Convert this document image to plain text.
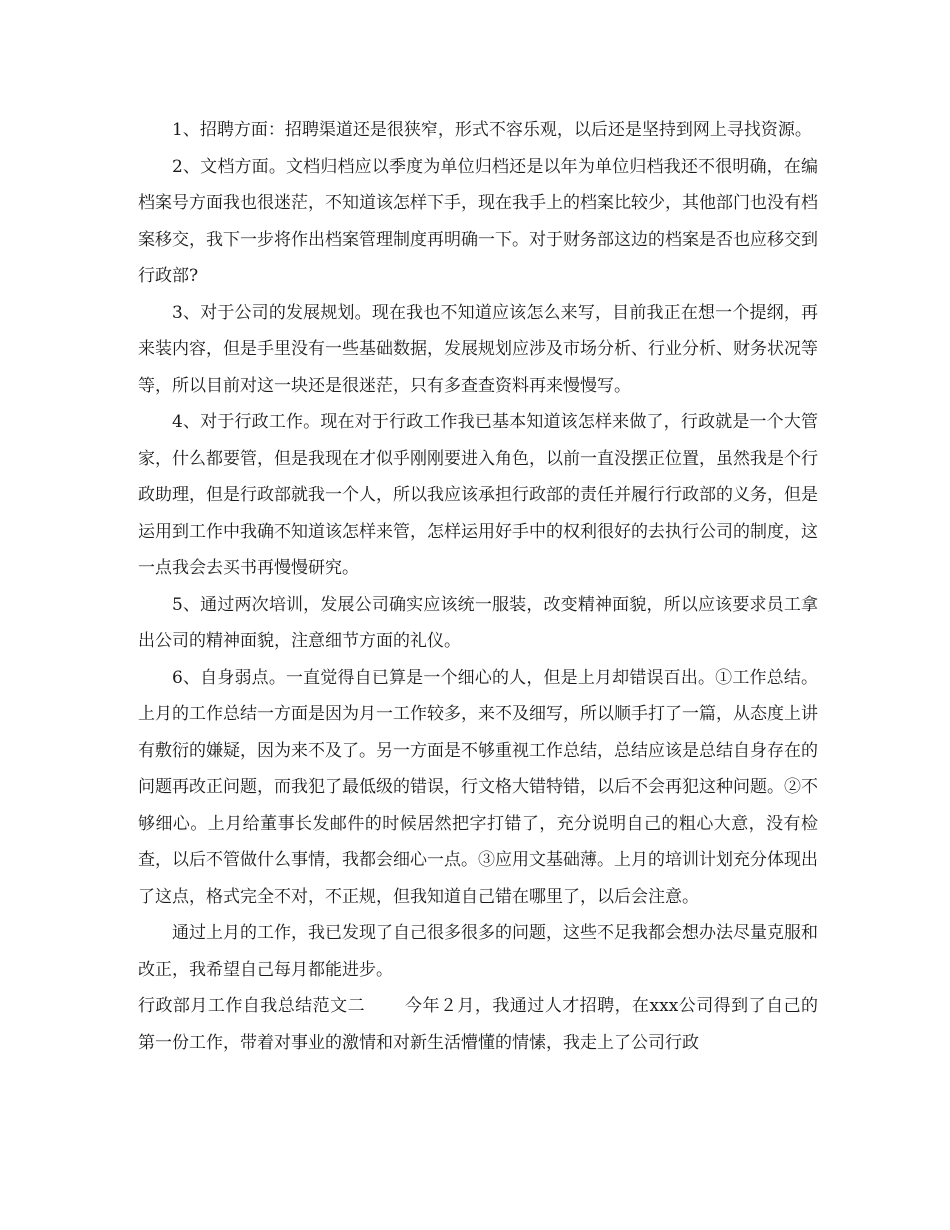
1、招聘方面：招聘渠道还是很狭窄，形式不容乐观，以后还是坚持到网上寻找资源。

2、文档方面。文档归档应以季度为单位归档还是以年为单位归档我还不很明确，在编档案号方面我也很迷茫，不知道该怎样下手，现在我手上的档案比较少，其他部门也没有档案移交，我下一步将作出档案管理制度再明确一下。对于财务部这边的档案是否也应移交到行政部?

3、对于公司的发展规划。现在我也不知道应该怎么来写，目前我正在想一个提纲，再来装内容，但是手里没有一些基础数据，发展规划应涉及市场分析、行业分析、财务状况等等，所以目前对这一块还是很迷茫，只有多查查资料再来慢慢写。

4、对于行政工作。现在对于行政工作我已基本知道该怎样来做了，行政就是一个大管家，什么都要管，但是我现在才似乎刚刚要进入角色，以前一直没摆正位置，虽然我是个行政助理，但是行政部就我一个人，所以我应该承担行政部的责任并履行行政部的义务，但是运用到工作中我确不知道该怎样来管，怎样运用好手中的权利很好的去执行公司的制度，这一点我会去买书再慢慢研究。

5、通过两次培训，发展公司确实应该统一服装，改变精神面貌，所以应该要求员工拿出公司的精神面貌，注意细节方面的礼仪。

6、自身弱点。一直觉得自已算是一个细心的人，但是上月却错误百出。①工作总结。上月的工作总结一方面是因为月一工作较多，来不及细写，所以顺手打了一篇，从态度上讲有敷衍的嫌疑，因为来不及了。另一方面是不够重视工作总结，总结应该是总结自身存在的问题再改正问题，而我犯了最低级的错误，行文格大错特错，以后不会再犯这种问题。②不够细心。上月给董事长发邮件的时候居然把字打错了，充分说明自己的粗心大意，没有检查，以后不管做什么事情，我都会细心一点。③应用文基础薄。上月的培训计划充分体现出了这点，格式完全不对，不正规，但我知道自己错在哪里了，以后会注意。

通过上月的工作，我已发现了自己很多很多的问题，这些不足我都会想办法尽量克服和改正，我希望自己每月都能进步。

行政部月工作自我总结范文二 今年２月，我通过人才招聘，在xxx公司得到了自己的第一份工作，带着对事业的激情和对新生活懵懂的情愫，我走上了公司行政
